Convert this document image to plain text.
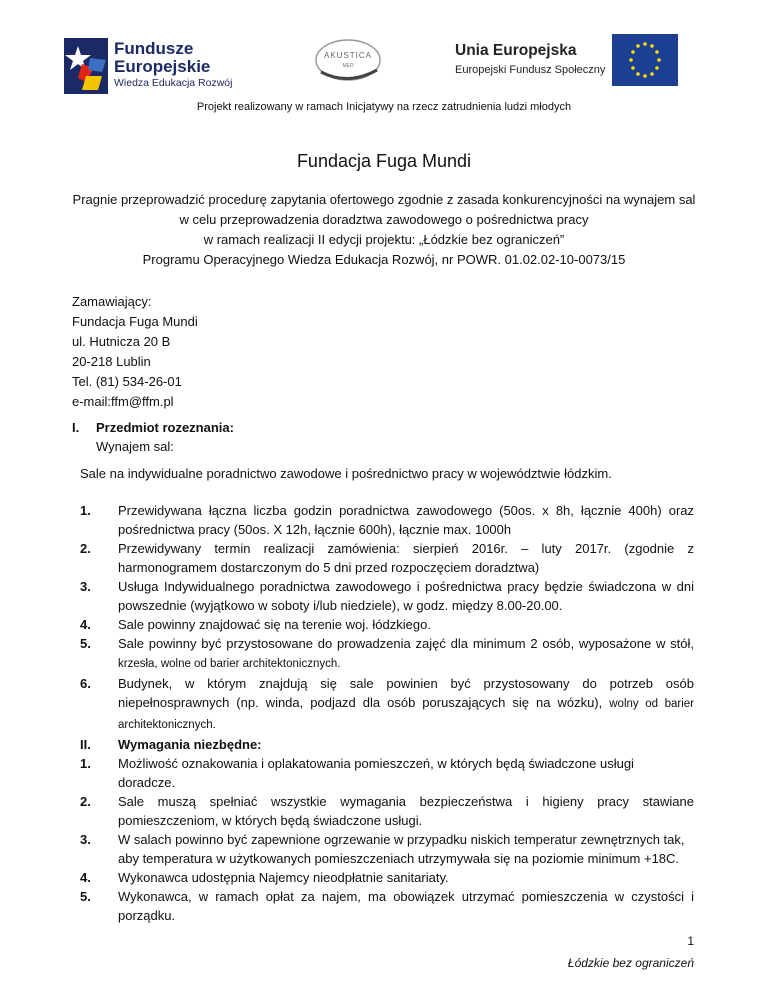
Fundusze
Europejskie
Wiedza Edukacja Rozwój
AKUSTICA
MED
Unia Europejska
Europejski Fundusz Społeczny

Projekt realizowany w ramach Inicjatywy na rzecz zatrudnienia ludzi młodych

Fundacja Fuga Mundi

Pragnie przeprowadzić procedurę zapytania ofertowego zgodnie z zasada konkurencyjności na wynajem sal
w celu przeprowadzenia doradztwa zawodowego o pośrednictwa pracy
w ramach realizacji II edycji projektu: „Łódzkie bez ograniczeń”
Programu Operacyjnego Wiedza Edukacja Rozwój, nr POWR. 01.02.02-10-0073/15
Zamawiający:
Fundacja Fuga Mundi
ul. Hutnicza 20 B
20-218 Lublin
Tel. (81) 534-26-01
e-mail:ffm@ffm.pl
I. Przedmiot rozeznania:
Wynajem sal:

Sale na indywidualne poradnictwo zawodowe i pośrednictwo pracy w województwie łódzkim.

1. Przewidywana łączna liczba godzin poradnictwa zawodowego (50os. x 8h, łącznie 400h) oraz pośrednictwa pracy (50os. X 12h, łącznie 600h), łącznie max. 1000h
2. Przewidywany termin realizacji zamówienia: sierpień 2016r. – luty 2017r. (zgodnie z harmonogramem dostarczonym do 5 dni przed rozpoczęciem doradztwa)
3. Usługa Indywidualnego poradnictwa zawodowego i pośrednictwa pracy będzie świadczona w dni powszednie (wyjątkowo w soboty i/lub niedziele), w godz. między 8.00-20.00.
4. Sale powinny znajdować się na terenie woj. łódzkiego.
5. Sale powinny być przystosowane do prowadzenia zajęć dla minimum 2 osób, wyposażone w stół, krzesła, wolne od barier architektonicznych.
6. Budynek, w którym znajdują się sale powinien być przystosowany do potrzeb osób niepełnosprawnych (np. winda, podjazd dla osób poruszających się na wózku), wolny od barier architektonicznych.
II. Wymagania niezbędne:
1. Możliwość oznakowania i oplakatowania pomieszczeń, w których będą świadczone usługi doradcze.
2. Sale muszą spełniać wszystkie wymagania bezpieczeństwa i higieny pracy stawiane pomieszczeniom, w których będą świadczone usługi.
3. W salach powinno być zapewnione ogrzewanie w przypadku niskich temperatur zewnętrznych tak, aby temperatura w użytkowanych pomieszczeniach utrzymywała się na poziomie minimum +18C.
4. Wykonawca udostępnia Najemcy nieodpłatnie sanitariaty.
5. Wykonawca, w ramach opłat za najem, ma obowiązek utrzymać pomieszczenia w czystości i porządku.
1
Łódzkie bez ograniczeń
